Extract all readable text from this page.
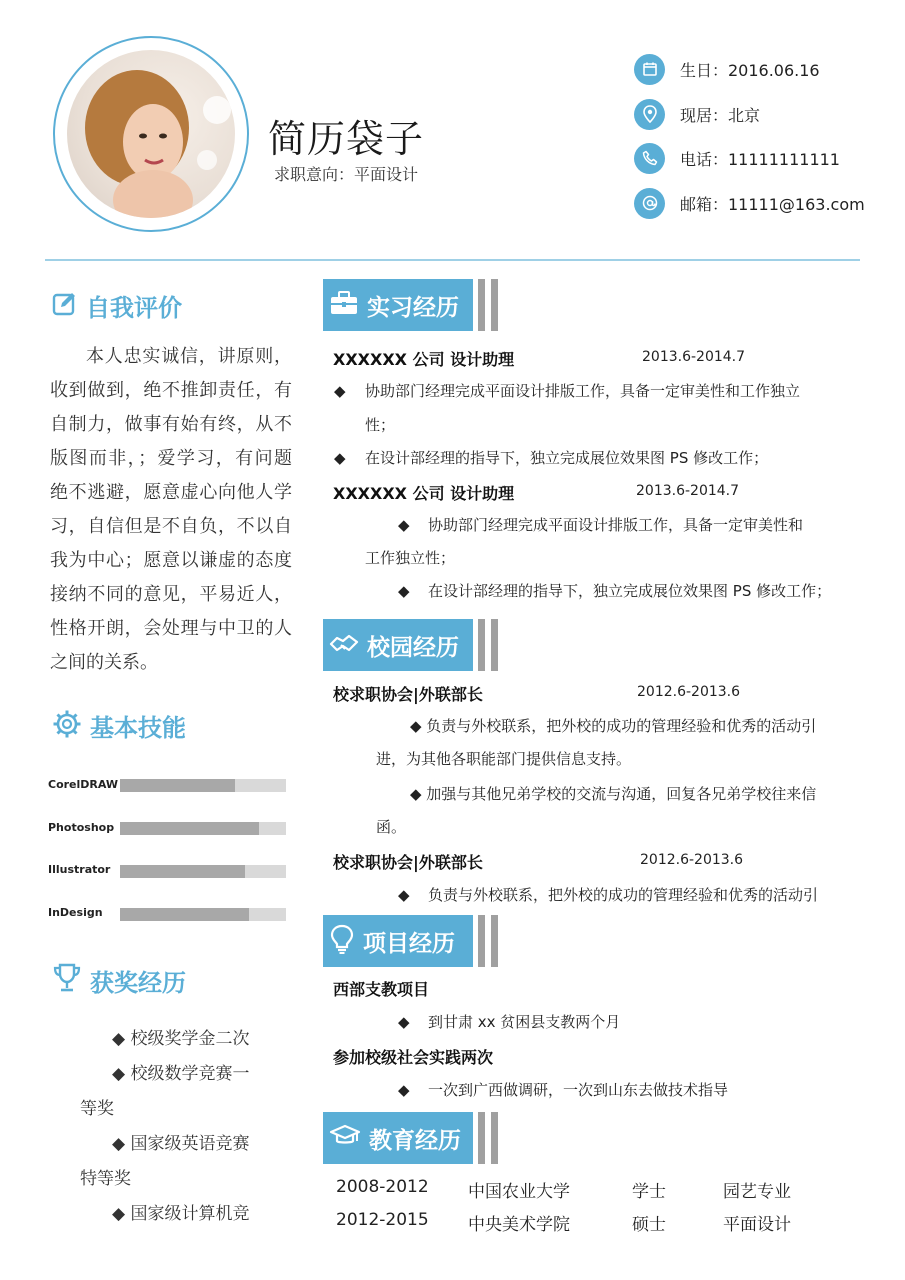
简历袋子
求职意向：平面设计
生日：2016.06.16
现居：北京
电话：11111111111
邮箱：11111@163.com
自我评价
本人忠实诚信，讲原则，收到做到，绝不推卸责任，有自制力，做事有始有终，从不版图而非，；爱学习，有问题绝不逃避，愿意虚心向他人学习，自信但是不自负，不以自我为中心；愿意以谦虚的态度接纳不同的意见，平易近人，性格开朗，会处理与中卫的人之间的关系。
基本技能
CorelDRAW
Photoshop
Illustrator
InDesign
获奖经历
◆ 校级奖学金二次
◆ 校级数学竞赛一
等奖
◆ 国家级英语竞赛
特等奖
◆ 国家级计算机竞
实习经历
XXXXXX 公司 设计助理	2013.6-2014.7
◆ 协助部门经理完成平面设计排版工作，具备一定审美性和工作独立
性；
◆ 在设计部经理的指导下，独立完成展位效果图 PS 修改工作；
XXXXXX 公司 设计助理	2013.6-2014.7
◆ 协助部门经理完成平面设计排版工作，具备一定审美性和
工作独立性；
◆ 在设计部经理的指导下，独立完成展位效果图 PS 修改工作；
校园经历
校求职协会|外联部长	2012.6-2013.6
◆ 负责与外校联系，把外校的成功的管理经验和优秀的活动引
进，为其他各职能部门提供信息支持。
◆ 加强与其他兄弟学校的交流与沟通，回复各兄弟学校往来信
函。
校求职协会|外联部长	2012.6-2013.6
◆ 负责与外校联系，把外校的成功的管理经验和优秀的活动引
项目经历
西部支教项目
◆ 到甘肃 xx 贫困县支教两个月
参加校级社会实践两次
◆ 一次到广西做调研，一次到山东去做技术指导
教育经历
2008-2012 中国农业大学	学士	园艺专业
2012-2015 中央美术学院	硕士	平面设计
